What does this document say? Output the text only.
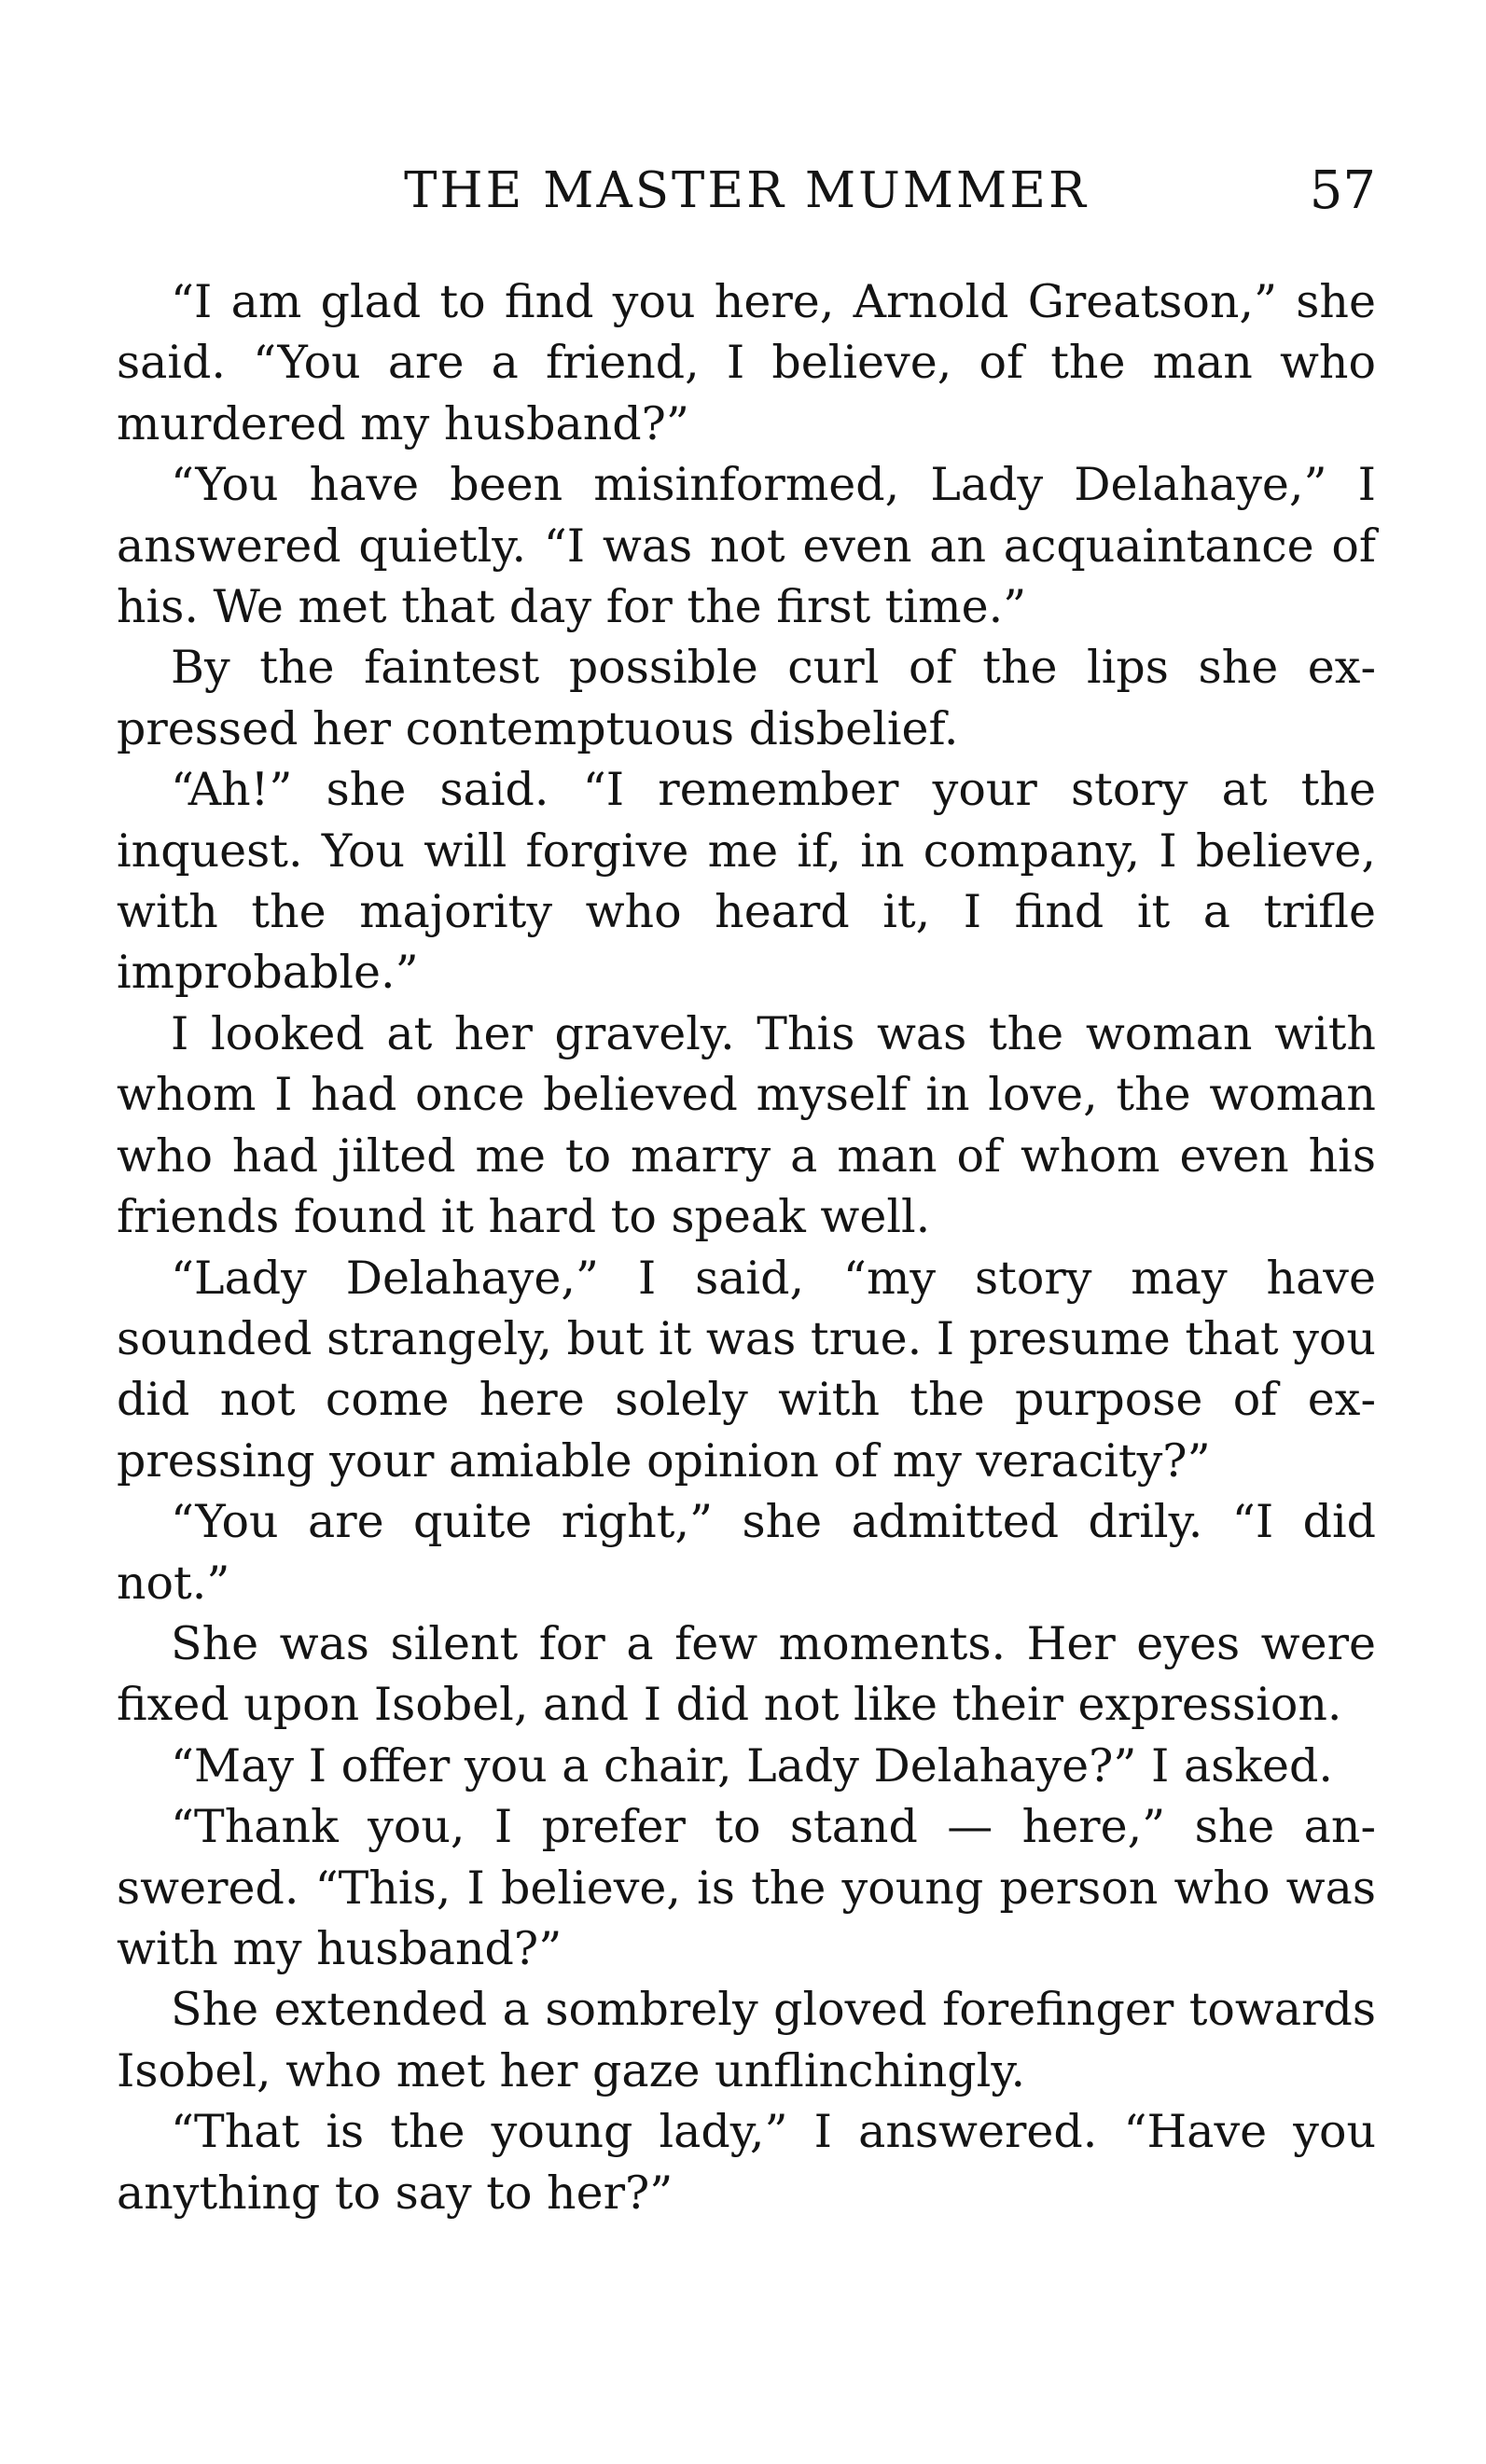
THE MASTER MUMMER	57

“I am glad to find you here, Arnold Greatson,” she said. “You are a friend, I believe, of the man who murdered my husband?”

“You have been misinformed, Lady Delahaye,” I answered quietly. “I was not even an acquaintance of his. We met that day for the first time.”

By the faintest possible curl of the lips she expressed her contemptuous disbelief.

“Ah!” she said. “I remember your story at the inquest. You will forgive me if, in company, I believe, with the majority who heard it, I find it a trifle improbable.”

I looked at her gravely. This was the woman with whom I had once believed myself in love, the woman who had jilted me to marry a man of whom even his friends found it hard to speak well.

“Lady Delahaye,” I said, “my story may have sounded strangely, but it was true. I presume that you did not come here solely with the purpose of expressing your amiable opinion of my veracity?”

“You are quite right,” she admitted drily. “I did not.”

She was silent for a few moments. Her eyes were fixed upon Isobel, and I did not like their expression.

“May I offer you a chair, Lady Delahaye?” I asked.

“Thank you, I prefer to stand — here,” she answered. “This, I believe, is the young person who was with my husband?”

She extended a sombrely gloved forefinger towards Isobel, who met her gaze unflinchingly.

“That is the young lady,” I answered. “Have you anything to say to her?”
